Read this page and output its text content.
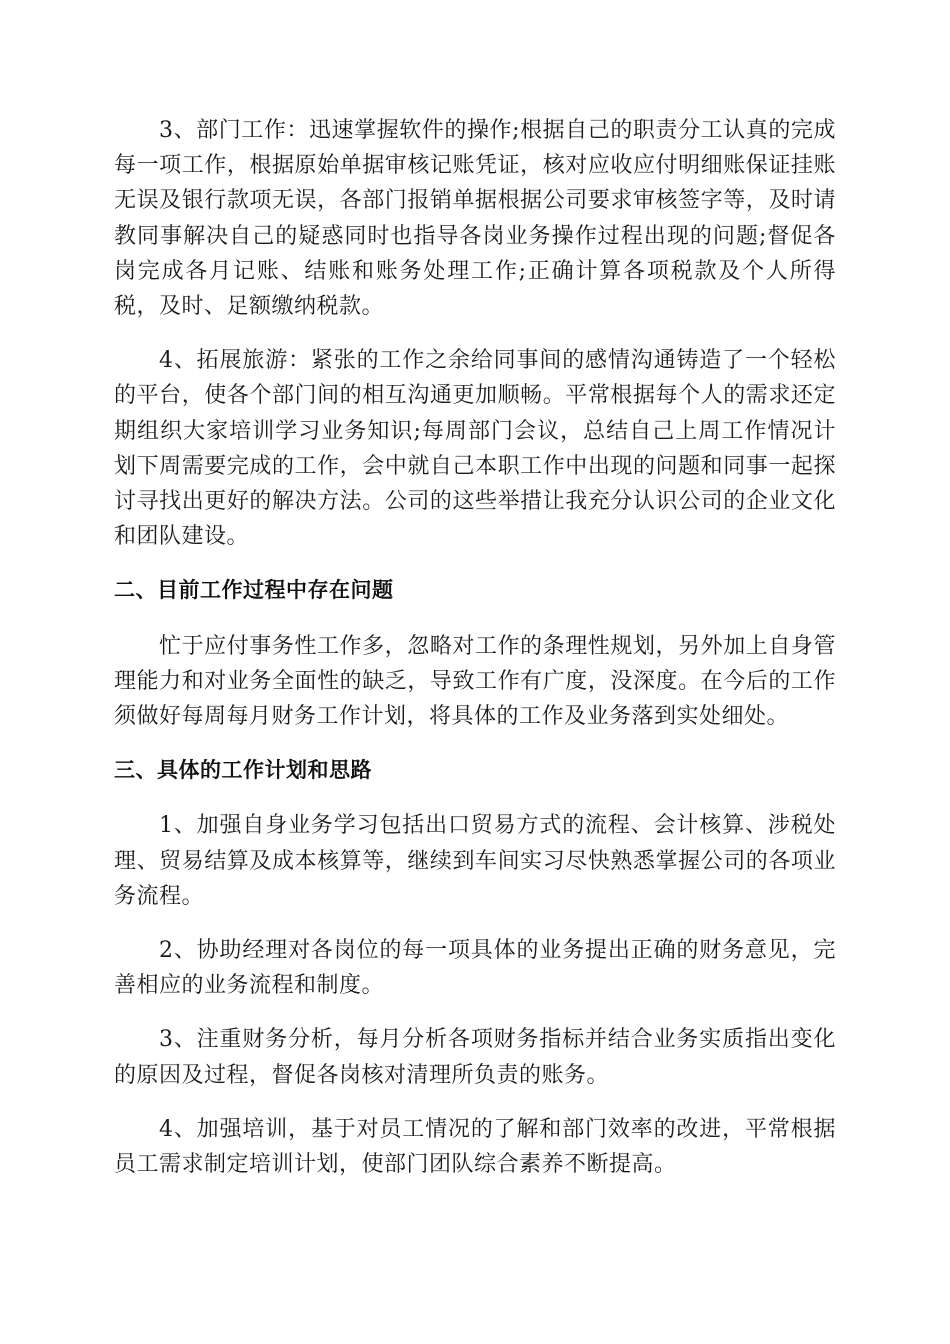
3、部门工作：迅速掌握软件的操作;根据自己的职责分工认真的完成每一项工作，根据原始单据审核记账凭证，核对应收应付明细账保证挂账无误及银行款项无误，各部门报销单据根据公司要求审核签字等，及时请教同事解决自己的疑惑同时也指导各岗业务操作过程出现的问题;督促各岗完成各月记账、结账和账务处理工作;正确计算各项税款及个人所得税，及时、足额缴纳税款。

4、拓展旅游：紧张的工作之余给同事间的感情沟通铸造了一个轻松的平台，使各个部门间的相互沟通更加顺畅。平常根据每个人的需求还定期组织大家培训学习业务知识;每周部门会议，总结自己上周工作情况计划下周需要完成的工作，会中就自己本职工作中出现的问题和同事一起探讨寻找出更好的解决方法。公司的这些举措让我充分认识公司的企业文化和团队建设。

二、目前工作过程中存在问题

忙于应付事务性工作多，忽略对工作的条理性规划，另外加上自身管理能力和对业务全面性的缺乏，导致工作有广度，没深度。在今后的工作须做好每周每月财务工作计划，将具体的工作及业务落到实处细处。

三、具体的工作计划和思路

1、加强自身业务学习包括出口贸易方式的流程、会计核算、涉税处理、贸易结算及成本核算等，继续到车间实习尽快熟悉掌握公司的各项业务流程。

2、协助经理对各岗位的每一项具体的业务提出正确的财务意见，完善相应的业务流程和制度。

3、注重财务分析，每月分析各项财务指标并结合业务实质指出变化的原因及过程，督促各岗核对清理所负责的账务。

4、加强培训，基于对员工情况的了解和部门效率的改进，平常根据员工需求制定培训计划，使部门团队综合素养不断提高。
